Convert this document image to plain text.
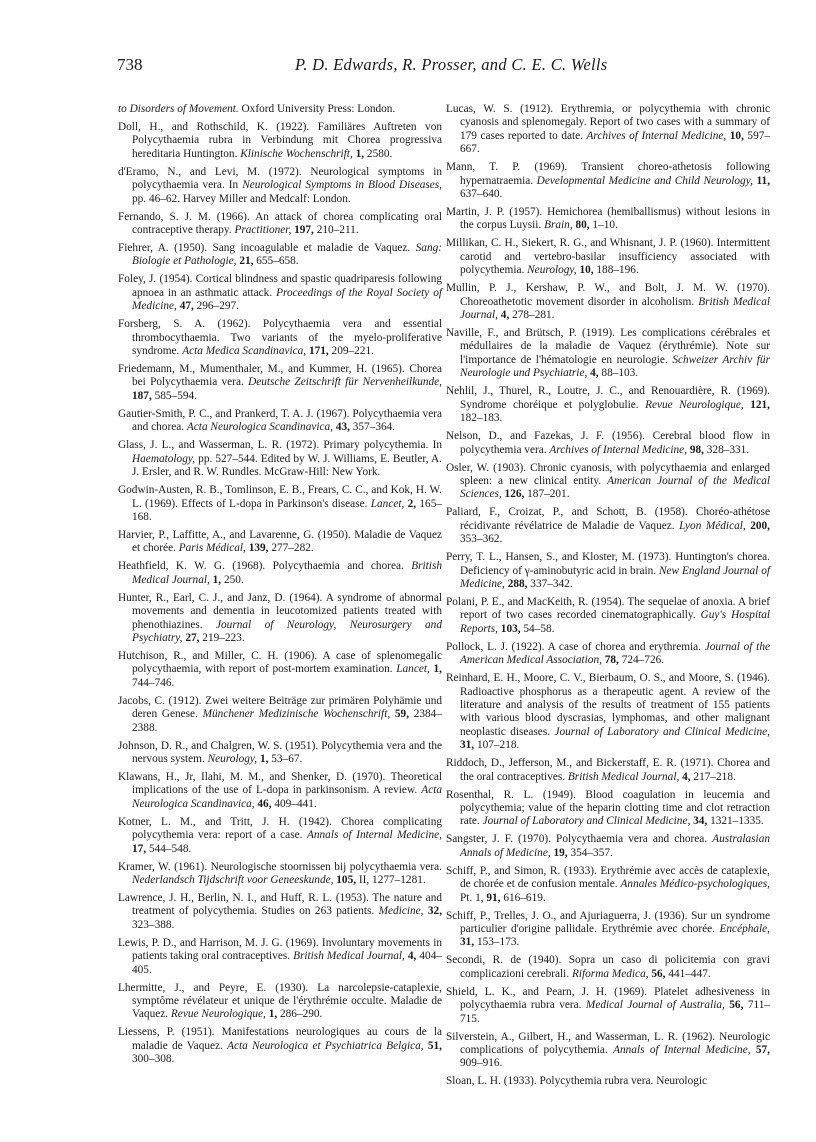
738	P. D. Edwards, R. Prosser, and C. E. C. Wells

to Disorders of Movement. Oxford University Press: London.

Doll, H., and Rothschild, K. (1922). Familiäres Auftreten von Polycythaemia rubra in Verbindung mit Chorea progressiva hereditaria Huntington. Klinische Wochenschrift, 1, 2580.

d'Eramo, N., and Levi, M. (1972). Neurological symptoms in polycythaemia vera. In Neurological Symptoms in Blood Diseases, pp. 46–62. Harvey Miller and Medcalf: London.

Fernando, S. J. M. (1966). An attack of chorea complicating oral contraceptive therapy. Practitioner, 197, 210–211.

Fiehrer, A. (1950). Sang incoagulable et maladie de Vaquez. Sang: Biologie et Pathologie, 21, 655–658.

Foley, J. (1954). Cortical blindness and spastic quadriparesis following apnoea in an asthmatic attack. Proceedings of the Royal Society of Medicine, 47, 296–297.

Forsberg, S. A. (1962). Polycythaemia vera and essential thrombocythaemia. Two variants of the myelo-proliferative syndrome. Acta Medica Scandinavica, 171, 209–221.

Friedemann, M., Mumenthaler, M., and Kummer, H. (1965). Chorea bei Polycythaemia vera. Deutsche Zeitschrift für Nervenheilkunde, 187, 585–594.

Gautier-Smith, P. C., and Prankerd, T. A. J. (1967). Polycythaemia vera and chorea. Acta Neurologica Scandinavica, 43, 357–364.

Glass, J. L., and Wasserman, L. R. (1972). Primary polycythemia. In Haematology, pp. 527–544. Edited by W. J. Williams, E. Beutler, A. J. Ersler, and R. W. Rundles. McGraw-Hill: New York.

Godwin-Austen, R. B., Tomlinson, E. B., Frears, C. C., and Kok, H. W. L. (1969). Effects of L-dopa in Parkinson's disease. Lancet, 2, 165–168.

Harvier, P., Laffitte, A., and Lavarenne, G. (1950). Maladie de Vaquez et chorée. Paris Médical, 139, 277–282.

Heathfield, K. W. G. (1968). Polycythaemia and chorea. British Medical Journal, 1, 250.

Hunter, R., Earl, C. J., and Janz, D. (1964). A syndrome of abnormal movements and dementia in leucotomized patients treated with phenothiazines. Journal of Neurology, Neurosurgery and Psychiatry, 27, 219–223.

Hutchison, R., and Miller, C. H. (1906). A case of splenomegalic polycythaemia, with report of post-mortem examination. Lancet, 1, 744–746.

Jacobs, C. (1912). Zwei weitere Beiträge zur primären Polyhämie und deren Genese. Münchener Medizinische Wochenschrift, 59, 2384–2388.

Johnson, D. R., and Chalgren, W. S. (1951). Polycythemia vera and the nervous system. Neurology, 1, 53–67.

Klawans, H., Jr, Ilahi, M. M., and Shenker, D. (1970). Theoretical implications of the use of L-dopa in parkinsonism. A review. Acta Neurologica Scandinavica, 46, 409–441.

Kotner, L. M., and Tritt, J. H. (1942). Chorea complicating polycythemia vera: report of a case. Annals of Internal Medicine, 17, 544–548.

Kramer, W. (1961). Neurologische stoornissen bij polycythaemia vera. Nederlandsch Tijdschrift voor Geneeskunde, 105, II, 1277–1281.

Lawrence, J. H., Berlin, N. I., and Huff, R. L. (1953). The nature and treatment of polycythemia. Studies on 263 patients. Medicine, 32, 323–388.

Lewis, P. D., and Harrison, M. J. G. (1969). Involuntary movements in patients taking oral contraceptives. British Medical Journal, 4, 404–405.

Lhermitte, J., and Peyre, E. (1930). La narcolepsie-cataplexie, symptôme révélateur et unique de l'érythrémie occulte. Maladie de Vaquez. Revue Neurologique, 1, 286–290.

Liessens, P. (1951). Manifestations neurologiques au cours de la maladie de Vaquez. Acta Neurologica et Psychiatrica Belgica, 51, 300–308.

Lucas, W. S. (1912). Erythremia, or polycythemia with chronic cyanosis and splenomegaly. Report of two cases with a summary of 179 cases reported to date. Archives of Internal Medicine, 10, 597–667.

Mann, T. P. (1969). Transient choreo-athetosis following hypernatraemia. Developmental Medicine and Child Neurology, 11, 637–640.

Martin, J. P. (1957). Hemichorea (hemiballismus) without lesions in the corpus Luysii. Brain, 80, 1–10.

Millikan, C. H., Siekert, R. G., and Whisnant, J. P. (1960). Intermittent carotid and vertebro-basilar insufficiency associated with polycythemia. Neurology, 10, 188–196.

Mullin, P. J., Kershaw, P. W., and Bolt, J. M. W. (1970). Choreoathetotic movement disorder in alcoholism. British Medical Journal, 4, 278–281.

Naville, F., and Brütsch, P. (1919). Les complications cérébrales et médullaires de la maladie de Vaquez (érythrémie). Note sur l'importance de l'hématologie en neurologie. Schweizer Archiv für Neurologie und Psychiatrie, 4, 88–103.

Nehlil, J., Thurel, R., Loutre, J. C., and Renouardière, R. (1969). Syndrome choréique et polyglobulie. Revue Neurologique, 121, 182–183.

Nelson, D., and Fazekas, J. F. (1956). Cerebral blood flow in polycythemia vera. Archives of Internal Medicine, 98, 328–331.

Osler, W. (1903). Chronic cyanosis, with polycythaemia and enlarged spleen: a new clinical entity. American Journal of the Medical Sciences, 126, 187–201.

Paliard, F., Croizat, P., and Schott, B. (1958). Choréo-athétose récidivante révélatrice de Maladie de Vaquez. Lyon Médical, 200, 353–362.

Perry, T. L., Hansen, S., and Kloster, M. (1973). Huntington's chorea. Deficiency of γ-aminobutyric acid in brain. New England Journal of Medicine, 288, 337–342.

Polani, P. E., and MacKeith, R. (1954). The sequelae of anoxia. A brief report of two cases recorded cinematographically. Guy's Hospital Reports, 103, 54–58.

Pollock, L. J. (1922). A case of chorea and erythremia. Journal of the American Medical Association, 78, 724–726.

Reinhard, E. H., Moore, C. V., Bierbaum, O. S., and Moore, S. (1946). Radioactive phosphorus as a therapeutic agent. A review of the literature and analysis of the results of treatment of 155 patients with various blood dyscrasias, lymphomas, and other malignant neoplastic diseases. Journal of Laboratory and Clinical Medicine, 31, 107–218.

Riddoch, D., Jefferson, M., and Bickerstaff, E. R. (1971). Chorea and the oral contraceptives. British Medical Journal, 4, 217–218.

Rosenthal, R. L. (1949). Blood coagulation in leucemia and polycythemia; value of the heparin clotting time and clot retraction rate. Journal of Laboratory and Clinical Medicine, 34, 1321–1335.

Sangster, J. F. (1970). Polycythaemia vera and chorea. Australasian Annals of Medicine, 19, 354–357.

Schiff, P., and Simon, R. (1933). Erythrémie avec accès de cataplexie, de chorée et de confusion mentale. Annales Médico-psychologiques, Pt. 1, 91, 616–619.

Schiff, P., Trelles, J. O., and Ajuriaguerra, J. (1936). Sur un syndrome particulier d'origine pallidale. Erythrémie avec chorée. Encéphale, 31, 153–173.

Secondi, R. de (1940). Sopra un caso di policitemia con gravi complicazioni cerebrali. Riforma Medica, 56, 441–447.

Shield, L. K., and Pearn, J. H. (1969). Platelet adhesiveness in polycythaemia rubra vera. Medical Journal of Australia, 56, 711–715.

Silverstein, A., Gilbert, H., and Wasserman, L. R. (1962). Neurologic complications of polycythemia. Annals of Internal Medicine, 57, 909–916.

Sloan, L. H. (1933). Polycythemia rubra vera. Neurologic
